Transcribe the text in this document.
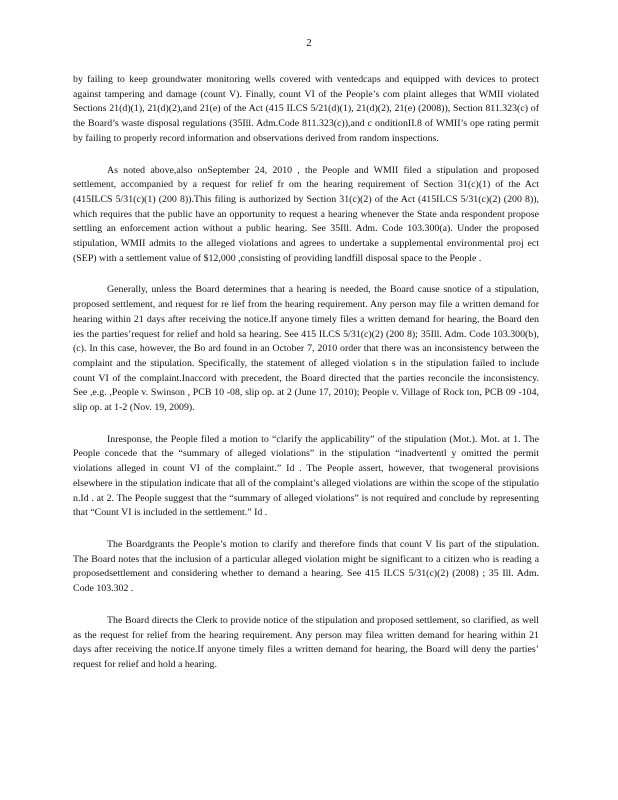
2

by failing to keep groundwater monitoring wells covered with ventedcaps and equipped with devices to protect against tampering and damage (count V). Finally, count VI of the People’s com plaint alleges that WMII violated Sections 21(d)(1), 21(d)(2),and 21(e) of the Act (415 ILCS 5/21(d)(1), 21(d)(2), 21(e) (2008)), Section 811.323(c) of the Board’s waste disposal regulations (35Ill. Adm.Code 811.323(c)),and c onditionII.8 of WMII’s ope rating permit by failing to properly record information and observations derived from random inspections.

As noted above,also onSeptember 24, 2010 , the People and WMII filed a stipulation and proposed settlement, accompanied by a request for relief fr om the hearing requirement of Section 31(c)(1) of the Act (415ILCS 5/31(c)(1) (200 8)).This filing is authorized by Section 31(c)(2) of the Act (415ILCS 5/31(c)(2) (200 8)), which requires that the public have an opportunity to request a hearing whenever the State anda respondent propose settling an enforcement action without a public hearing. See 35Ill. Adm. Code 103.300(a). Under the proposed stipulation, WMII admits to the alleged violations and agrees to undertake a supplemental environmental proj ect (SEP) with a settlement value of $12,000 ,consisting of providing landfill disposal space to the People .

Generally, unless the Board determines that a hearing is needed, the Board cause snotice of a stipulation, proposed settlement, and request for re lief from the hearing requirement. Any person may file a written demand for hearing within 21 days after receiving the notice.If anyone timely files a written demand for hearing, the Board den ies the parties’request for relief and hold sa hearing. See 415 ILCS 5/31(c)(2) (200 8); 35Ill. Adm. Code 103.300(b), (c). In this case, however, the Bo ard found in an October 7, 2010 order that there was an inconsistency between the complaint and the stipulation. Specifically, the statement of alleged violation s in the stipulation failed to include count VI of the complaint.Inaccord with precedent, the Board directed that the parties reconcile the inconsistency. See ,e.g. ,People v. Swinson , PCB 10 -08, slip op. at 2 (June 17, 2010); People v. Village of Rock ton, PCB 09 -104, slip op. at 1-2 (Nov. 19, 2009).

Inresponse, the People filed a motion to “clarify the applicability” of the stipulation (Mot.). Mot. at 1. The People concede that the “summary of alleged violations” in the stipulation “inadvertentl y omitted the permit violations alleged in count VI of the complaint.” Id . The People assert, however, that twogeneral provisions elsewhere in the stipulation indicate that all of the complaint’s alleged violations are within the scope of the stipulatio n.Id . at 2. The People suggest that the “summary of alleged violations” is not required and conclude by representing that “Count VI is included in the settlement.” Id .

The Boardgrants the People’s motion to clarify and therefore finds that count V Iis part of the stipulation. The Board notes that the inclusion of a particular alleged violation might be significant to a citizen who is reading a proposedsettlement and considering whether to demand a hearing. See 415 ILCS 5/31(c)(2) (2008) ; 35 Ill. Adm. Code 103.302 .

The Board directs the Clerk to provide notice of the stipulation and proposed settlement, so clarified, as well as the request for relief from the hearing requirement. Any person may filea written demand for hearing within 21 days after receiving the notice.If anyone timely files a written demand for hearing, the Board will deny the parties’ request for relief and hold a hearing.
